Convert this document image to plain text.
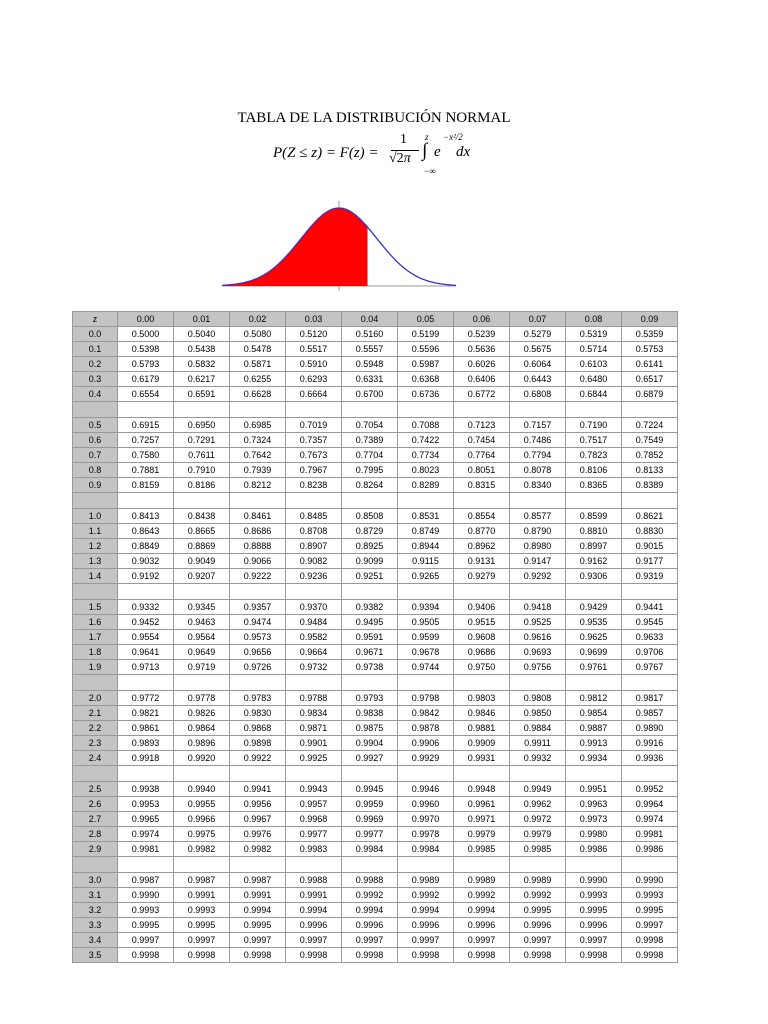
TABLA DE LA DISTRIBUCIÓN NORMAL
P(Z ≤ z) = F(z) =
1
√2π ∫
z
−∞
e
−x²/2
dx
z	0.00	0.01	0.02	0.03	0.04	0.05	0.06	0.07	0.08	0.09
0.0	0.5000	0.5040	0.5080	0.5120	0.5160	0.5199	0.5239	0.5279	0.5319	0.5359
0.1	0.5398	0.5438	0.5478	0.5517	0.5557	0.5596	0.5636	0.5675	0.5714	0.5753
0.2	0.5793	0.5832	0.5871	0.5910	0.5948	0.5987	0.6026	0.6064	0.6103	0.6141
0.3	0.6179	0.6217	0.6255	0.6293	0.6331	0.6368	0.6406	0.6443	0.6480	0.6517
0.4	0.6554	0.6591	0.6628	0.6664	0.6700	0.6736	0.6772	0.6808	0.6844	0.6879

0.5	0.6915	0.6950	0.6985	0.7019	0.7054	0.7088	0.7123	0.7157	0.7190	0.7224
0.6	0.7257	0.7291	0.7324	0.7357	0.7389	0.7422	0.7454	0.7486	0.7517	0.7549
0.7	0.7580	0.7611	0.7642	0.7673	0.7704	0.7734	0.7764	0.7794	0.7823	0.7852
0.8	0.7881	0.7910	0.7939	0.7967	0.7995	0.8023	0.8051	0.8078	0.8106	0.8133
0.9	0.8159	0.8186	0.8212	0.8238	0.8264	0.8289	0.8315	0.8340	0.8365	0.8389

1.0	0.8413	0.8438	0.8461	0.8485	0.8508	0.8531	0.8554	0.8577	0.8599	0.8621
1.1	0.8643	0.8665	0.8686	0.8708	0.8729	0.8749	0.8770	0.8790	0.8810	0.8830
1.2	0.8849	0.8869	0.8888	0.8907	0.8925	0.8944	0.8962	0.8980	0.8997	0.9015
1.3	0.9032	0.9049	0.9066	0.9082	0.9099	0.9115	0.9131	0.9147	0.9162	0.9177
1.4	0.9192	0.9207	0.9222	0.9236	0.9251	0.9265	0.9279	0.9292	0.9306	0.9319

1.5	0.9332	0.9345	0.9357	0.9370	0.9382	0.9394	0.9406	0.9418	0.9429	0.9441
1.6	0.9452	0.9463	0.9474	0.9484	0.9495	0.9505	0.9515	0.9525	0.9535	0.9545
1.7	0.9554	0.9564	0.9573	0.9582	0.9591	0.9599	0.9608	0.9616	0.9625	0.9633
1.8	0.9641	0.9649	0.9656	0.9664	0.9671	0.9678	0.9686	0.9693	0.9699	0.9706
1.9	0.9713	0.9719	0.9726	0.9732	0.9738	0.9744	0.9750	0.9756	0.9761	0.9767

2.0	0.9772	0.9778	0.9783	0.9788	0.9793	0.9798	0.9803	0.9808	0.9812	0.9817
2.1	0.9821	0.9826	0.9830	0.9834	0.9838	0.9842	0.9846	0.9850	0.9854	0.9857
2.2	0.9861	0.9864	0.9868	0.9871	0.9875	0.9878	0.9881	0.9884	0.9887	0.9890
2.3	0.9893	0.9896	0.9898	0.9901	0.9904	0.9906	0.9909	0.9911	0.9913	0.9916
2.4	0.9918	0.9920	0.9922	0.9925	0.9927	0.9929	0.9931	0.9932	0.9934	0.9936

2.5	0.9938	0.9940	0.9941	0.9943	0.9945	0.9946	0.9948	0.9949	0.9951	0.9952
2.6	0.9953	0.9955	0.9956	0.9957	0.9959	0.9960	0.9961	0.9962	0.9963	0.9964
2.7	0.9965	0.9966	0.9967	0.9968	0.9969	0.9970	0.9971	0.9972	0.9973	0.9974
2.8	0.9974	0.9975	0.9976	0.9977	0.9977	0.9978	0.9979	0.9979	0.9980	0.9981
2.9	0.9981	0.9982	0.9982	0.9983	0.9984	0.9984	0.9985	0.9985	0.9986	0.9986

3.0	0.9987	0.9987	0.9987	0.9988	0.9988	0.9989	0.9989	0.9989	0.9990	0.9990
3.1	0.9990	0.9991	0.9991	0.9991	0.9992	0.9992	0.9992	0.9992	0.9993	0.9993
3.2	0.9993	0.9993	0.9994	0.9994	0.9994	0.9994	0.9994	0.9995	0.9995	0.9995
3.3	0.9995	0.9995	0.9995	0.9996	0.9996	0.9996	0.9996	0.9996	0.9996	0.9997
3.4	0.9997	0.9997	0.9997	0.9997	0.9997	0.9997	0.9997	0.9997	0.9997	0.9998
3.5	0.9998	0.9998	0.9998	0.9998	0.9998	0.9998	0.9998	0.9998	0.9998	0.9998
